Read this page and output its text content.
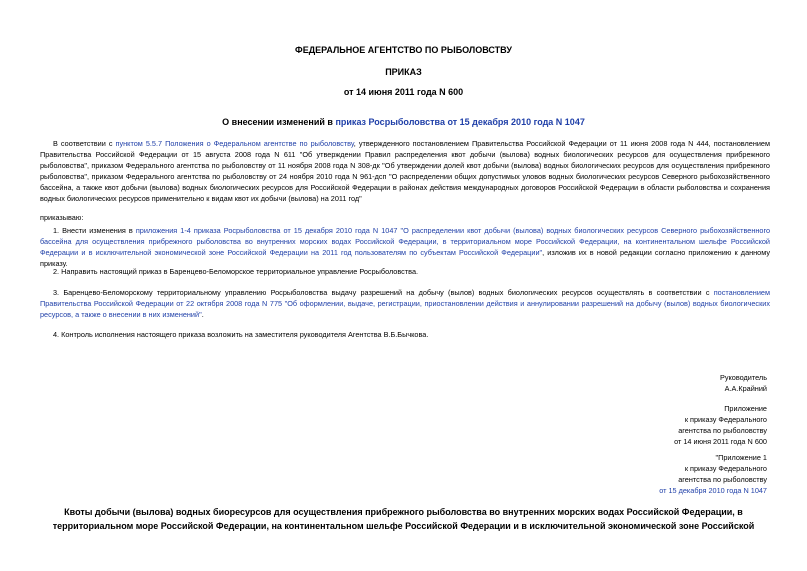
ФЕДЕРАЛЬНОЕ АГЕНТСТВО ПО РЫБОЛОВСТВУ
ПРИКАЗ
от 14 июня 2011 года N 600
О внесении изменений в приказ Росрыболовства от 15 декабря 2010 года N 1047
В соответствии с пунктом 5.5.7 Положения о Федеральном агентстве по рыболовству, утвержденного постановлением Правительства Российской Федерации от 11 июня 2008 года N 444, постановлением Правительства Российской Федерации от 15 августа 2008 года N 611 "Об утверждении Правил распределения квот добычи (вылова) водных биологических ресурсов для осуществления прибрежного рыболовства", приказом Федерального агентства по рыболовству от 11 ноября 2008 года N 308-дк "Об утверждении долей квот добычи (вылова) водных биологических ресурсов для осуществления прибрежного рыболовства", приказом Федерального агентства по рыболовству от 24 ноября 2010 года N 961-дсп "О распределении общих допустимых уловов водных биологических ресурсов Северного рыбохозяйственного бассейна, а также квот добычи (вылова) водных биологических ресурсов для Российской Федерации в районах действия международных договоров Российской Федерации в области рыболовства и сохранения водных биологических ресурсов применительно к видам квот их добычи (вылова) на 2011 год"
приказываю:
1. Внести изменения в приложения 1-4 приказа Росрыболовства от 15 декабря 2010 года N 1047 "О распределении квот добычи (вылова) водных биологических ресурсов Северного рыбохозяйственного бассейна для осуществления прибрежного рыболовства во внутренних морских водах Российской Федерации, в территориальном море Российской Федерации, на континентальном шельфе Российской Федерации и в исключительной экономической зоне Российской Федерации на 2011 год пользователям по субъектам Российской Федерации", изложив их в новой редакции согласно приложению к данному приказу.
2. Направить настоящий приказ в Баренцево-Беломорское территориальное управление Росрыболовства.
3. Баренцево-Беломорскому территориальному управлению Росрыболовства выдачу разрешений на добычу (вылов) водных биологических ресурсов осуществлять в соответствии с постановлением Правительства Российской Федерации от 22 октября 2008 года N 775 "Об оформлении, выдаче, регистрации, приостановлении действия и аннулировании разрешений на добычу (вылов) водных биологических ресурсов, а также о внесении в них изменений".
4. Контроль исполнения настоящего приказа возложить на заместителя руководителя Агентства В.Б.Бычкова.
Руководитель
А.А.Крайний
Приложение
к приказу Федерального
агентства по рыболовству
от 14 июня 2011 года N 600
"Приложение 1
к приказу Федерального
агентства по рыболовству
от 15 декабря 2010 года N 1047
Квоты добычи (вылова) водных биоресурсов для осуществления прибрежного рыболовства во внутренних морских водах Российской Федерации, в территориальном море Российской Федерации, на континентальном шельфе Российской Федерации и в исключительной экономической зоне Российской
